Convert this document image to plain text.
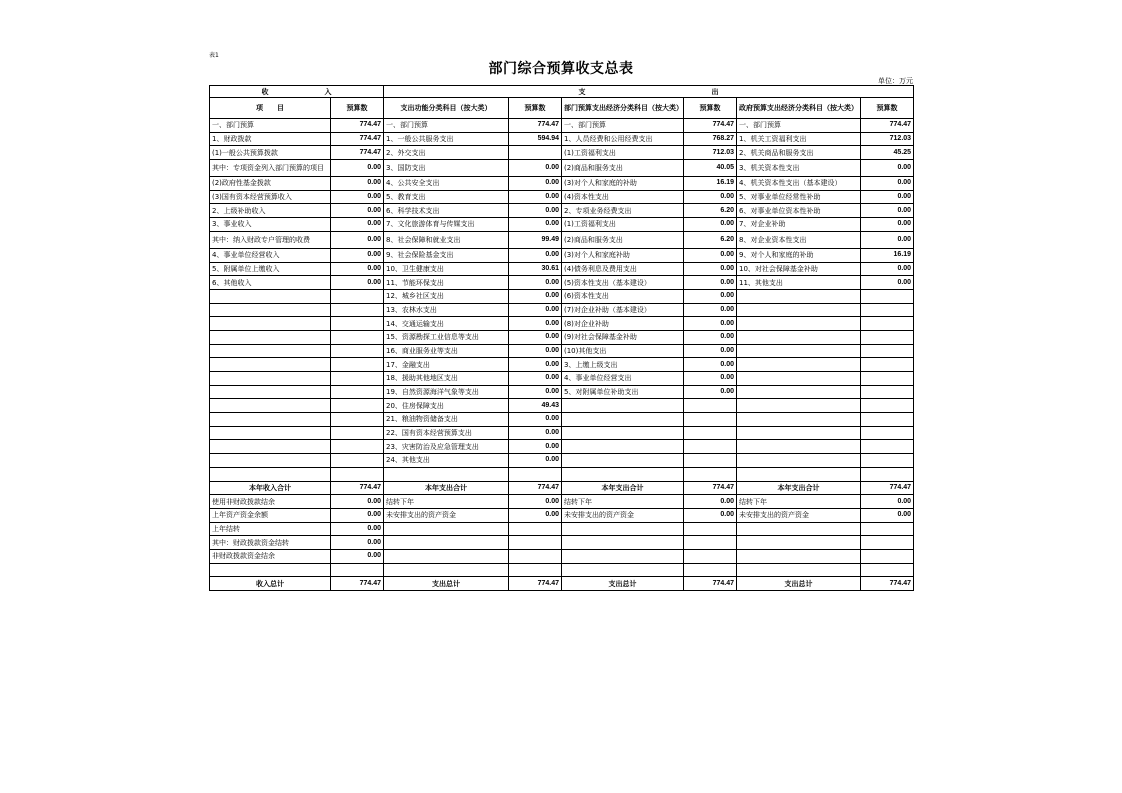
表1
部门综合预算收支总表
单位：万元
收　　　　　　　　入		支　　　　　　　　　　　　　　　　　　出					
项　　目	预算数	支出功能分类科目（按大类）	预算数	部门预算支出经济分类科目（按大类）	预算数	政府预算支出经济分类科目（按大类）	预算数
一、部门预算	774.47	一、部门预算	774.47	一、部门预算	774.47	一、部门预算	774.47
1、财政拨款	774.47	1、一般公共服务支出	594.94	1、人员经费和公用经费支出	768.27	1、机关工资福利支出	712.03
(1)一般公共预算拨款	774.47	2、外交支出		(1)工资福利支出	712.03	2、机关商品和服务支出	45.25
其中：专项资金列入部门预算的项目	0.00	3、国防支出	0.00	(2)商品和服务支出	40.05	3、机关资本性支出	0.00
(2)政府性基金拨款	0.00	4、公共安全支出	0.00	(3)对个人和家庭的补助	16.19	4、机关资本性支出（基本建设）	0.00
(3)国有资本经营预算收入	0.00	5、教育支出	0.00	(4)资本性支出	0.00	5、对事业单位经常性补助	0.00
2、上级补助收入	0.00	6、科学技术支出	0.00	2、专项业务经费支出	6.20	6、对事业单位资本性补助	0.00
3、事业收入	0.00	7、文化旅游体育与传媒支出	0.00	(1)工资福利支出	0.00	7、对企业补助	0.00
其中：纳入财政专户管理的收费	0.00	8、社会保障和就业支出	99.49	(2)商品和服务支出	6.20	8、对企业资本性支出	0.00
4、事业单位经营收入	0.00	9、社会保险基金支出	0.00	(3)对个人和家庭补助	0.00	9、对个人和家庭的补助	16.19
5、附属单位上缴收入	0.00	10、卫生健康支出	30.61	(4)债务利息及费用支出	0.00	10、对社会保障基金补助	0.00
6、其他收入	0.00	11、节能环保支出	0.00	(5)资本性支出（基本建设）	0.00	11、其他支出	0.00
		12、城乡社区支出	0.00	(6)资本性支出	0.00		
		13、农林水支出	0.00	(7)对企业补助（基本建设）	0.00		
		14、交通运输支出	0.00	(8)对企业补助	0.00		
		15、资源勘探工业信息等支出	0.00	(9)对社会保障基金补助	0.00		
		16、商业服务业等支出	0.00	(10)其他支出	0.00		
		17、金融支出	0.00	3、上缴上级支出	0.00		
		18、援助其他地区支出	0.00	4、事业单位经营支出	0.00		
		19、自然资源海洋气象等支出	0.00	5、对附属单位补助支出	0.00		
		20、住房保障支出	49.43				
		21、粮油物资储备支出	0.00				
		22、国有资本经营预算支出	0.00				
		23、灾害防治及应急管理支出	0.00				
		24、其他支出	0.00				

本年收入合计	774.47	本年支出合计	774.47	本年支出合计	774.47	本年支出合计	774.47
使用非财政拨款结余	0.00	结转下年	0.00	结转下年	0.00	结转下年	0.00
上年资产资金余额	0.00	未安排支出的资产资金	0.00	未安排支出的资产资金	0.00	未安排支出的资产资金	0.00
上年结转	0.00						
其中：财政拨款资金结转	0.00						
非财政拨款资金结余	0.00						

收入总计	774.47	支出总计	774.47	支出总计	774.47	支出总计	774.47
